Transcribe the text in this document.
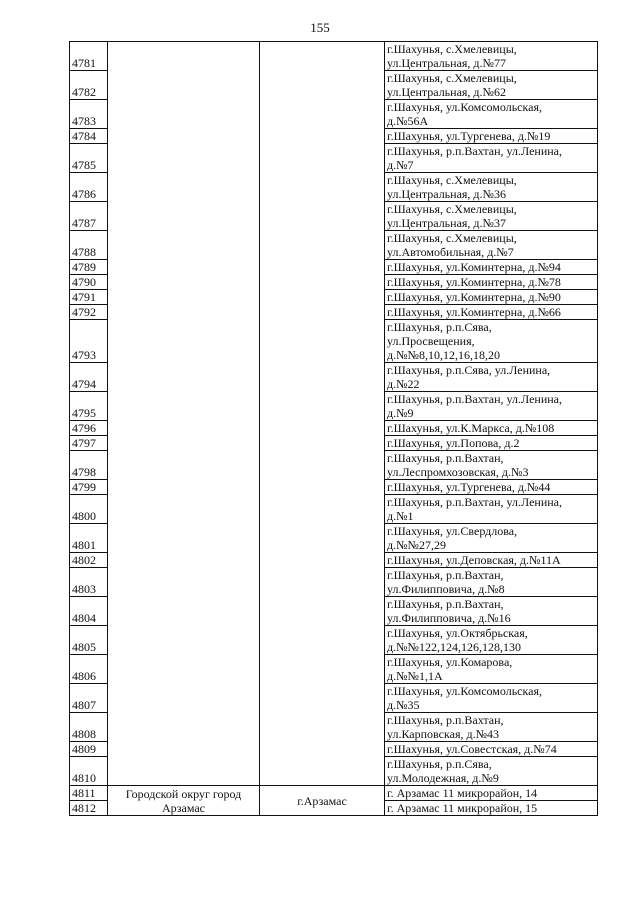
155
4781			г.Шахунья, с.Хмелевицы,
ул.Центральная, д.№77
4782			г.Шахунья, с.Хмелевицы,
ул.Центральная, д.№62
4783			г.Шахунья, ул.Комсомольская,
д.№56А
4784			г.Шахунья, ул.Тургенева, д.№19
4785			г.Шахунья, р.п.Вахтан, ул.Ленина,
д.№7
4786			г.Шахунья, с.Хмелевицы,
ул.Центральная, д.№36
4787			г.Шахунья, с.Хмелевицы,
ул.Центральная, д.№37
4788			г.Шахунья, с.Хмелевицы,
ул.Автомобильная, д.№7
4789			г.Шахунья, ул.Коминтерна, д.№94
4790			г.Шахунья, ул.Коминтерна, д.№78
4791			г.Шахунья, ул.Коминтерна, д.№90
4792			г.Шахунья, ул.Коминтерна, д.№66
4793			г.Шахунья, р.п.Сява,
ул.Просвещения,
д.№№8,10,12,16,18,20
4794			г.Шахунья, р.п.Сява, ул.Ленина,
д.№22
4795			г.Шахунья, р.п.Вахтан, ул.Ленина,
д.№9
4796			г.Шахунья, ул.К.Маркса, д.№108
4797			г.Шахунья, ул.Попова, д.2
4798			г.Шахунья, р.п.Вахтан,
ул.Леспромхозовская, д.№3
4799			г.Шахунья, ул.Тургенева, д.№44
4800			г.Шахунья, р.п.Вахтан, ул.Ленина,
д.№1
4801			г.Шахунья, ул.Свердлова,
д.№№27,29
4802			г.Шахунья, ул.Деповская, д.№11А
4803			г.Шахунья, р.п.Вахтан,
ул.Филипповича, д.№8
4804			г.Шахунья, р.п.Вахтан,
ул.Филипповича, д.№16
4805			г.Шахунья, ул.Октябрьская,
д.№№122,124,126,128,130
4806			г.Шахунья, ул.Комарова,
д.№№1,1А
4807			г.Шахунья, ул.Комсомольская,
д.№35
4808			г.Шахунья, р.п.Вахтан,
ул.Карповская, д.№43
4809			г.Шахунья, ул.Совестская, д.№74
4810			г.Шахунья, р.п.Сява,
ул.Молодежная, д.№9
4811	Городской округ город Арзамас	г.Арзамас	г. Арзамас 11 микрорайон, 14
4812			г. Арзамас 11 микрорайон, 15
